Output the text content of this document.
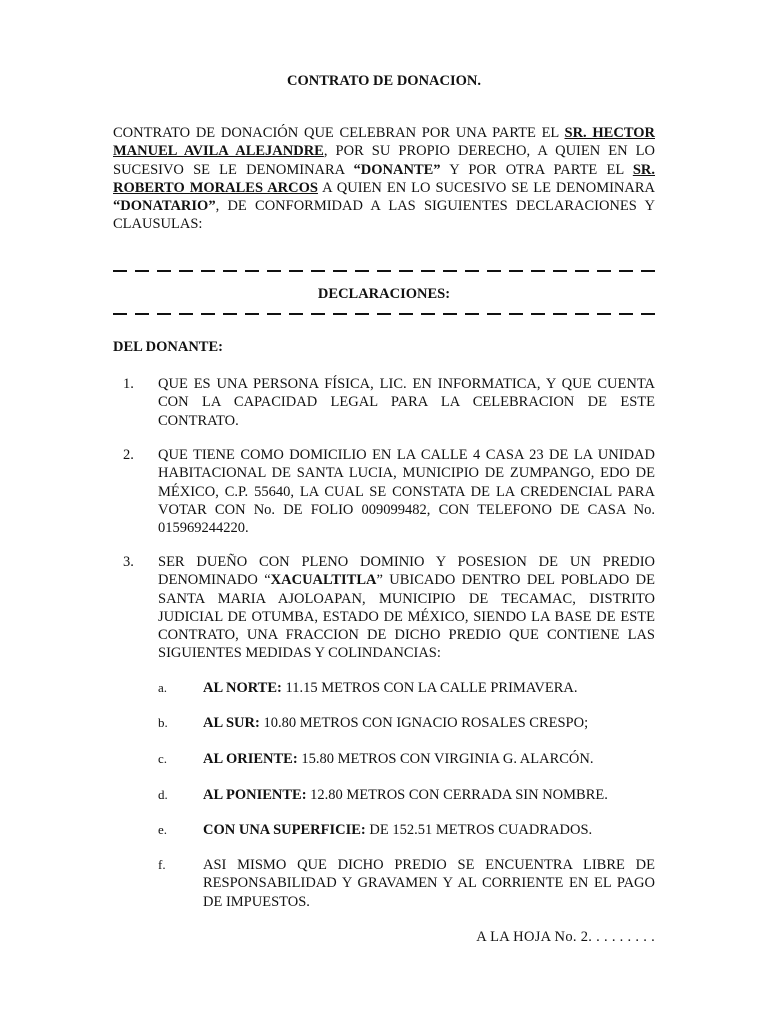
CONTRATO DE DONACION.
CONTRATO DE DONACIÓN QUE CELEBRAN POR UNA PARTE EL SR. HECTOR MANUEL AVILA ALEJANDRE, POR SU PROPIO DERECHO, A QUIEN EN LO SUCESIVO SE LE DENOMINARA “DONANTE” Y POR OTRA PARTE EL SR. ROBERTO MORALES ARCOS A QUIEN EN LO SUCESIVO SE LE DENOMINARA “DONATARIO”, DE CONFORMIDAD A LAS SIGUIENTES DECLARACIONES Y CLAUSULAS:
DECLARACIONES:
DEL DONANTE:
1. QUE ES UNA PERSONA FÍSICA, LIC. EN INFORMATICA, Y QUE CUENTA CON LA CAPACIDAD LEGAL PARA LA CELEBRACION DE ESTE CONTRATO.
2. QUE TIENE COMO DOMICILIO EN LA CALLE 4 CASA 23 DE LA UNIDAD HABITACIONAL DE SANTA LUCIA, MUNICIPIO DE ZUMPANGO, EDO DE MÉXICO, C.P. 55640, LA CUAL SE CONSTATA DE LA CREDENCIAL PARA VOTAR CON No. DE FOLIO 009099482, CON TELEFONO DE CASA No. 015969244220.
3. SER DUEÑO CON PLENO DOMINIO Y POSESION DE UN PREDIO DENOMINADO “XACUALTITLA” UBICADO DENTRO DEL POBLADO DE SANTA MARIA AJOLOAPAN, MUNICIPIO DE TECAMAC, DISTRITO JUDICIAL DE OTUMBA, ESTADO DE MÉXICO, SIENDO LA BASE DE ESTE CONTRATO, UNA FRACCION DE DICHO PREDIO QUE CONTIENE LAS SIGUIENTES MEDIDAS Y COLINDANCIAS:
a. AL NORTE: 11.15 METROS CON LA CALLE PRIMAVERA.
b. AL SUR: 10.80 METROS CON IGNACIO ROSALES CRESPO;
c. AL ORIENTE: 15.80 METROS CON VIRGINIA G. ALARCÓN.
d. AL PONIENTE: 12.80 METROS CON CERRADA SIN NOMBRE.
e. CON UNA SUPERFICIE: DE 152.51 METROS CUADRADOS.
f.	ASI MISMO QUE DICHO PREDIO SE ENCUENTRA LIBRE DE RESPONSABILIDAD Y GRAVAMEN Y AL CORRIENTE EN EL PAGO DE IMPUESTOS.
A LA HOJA No. 2. . . . . . . . .
